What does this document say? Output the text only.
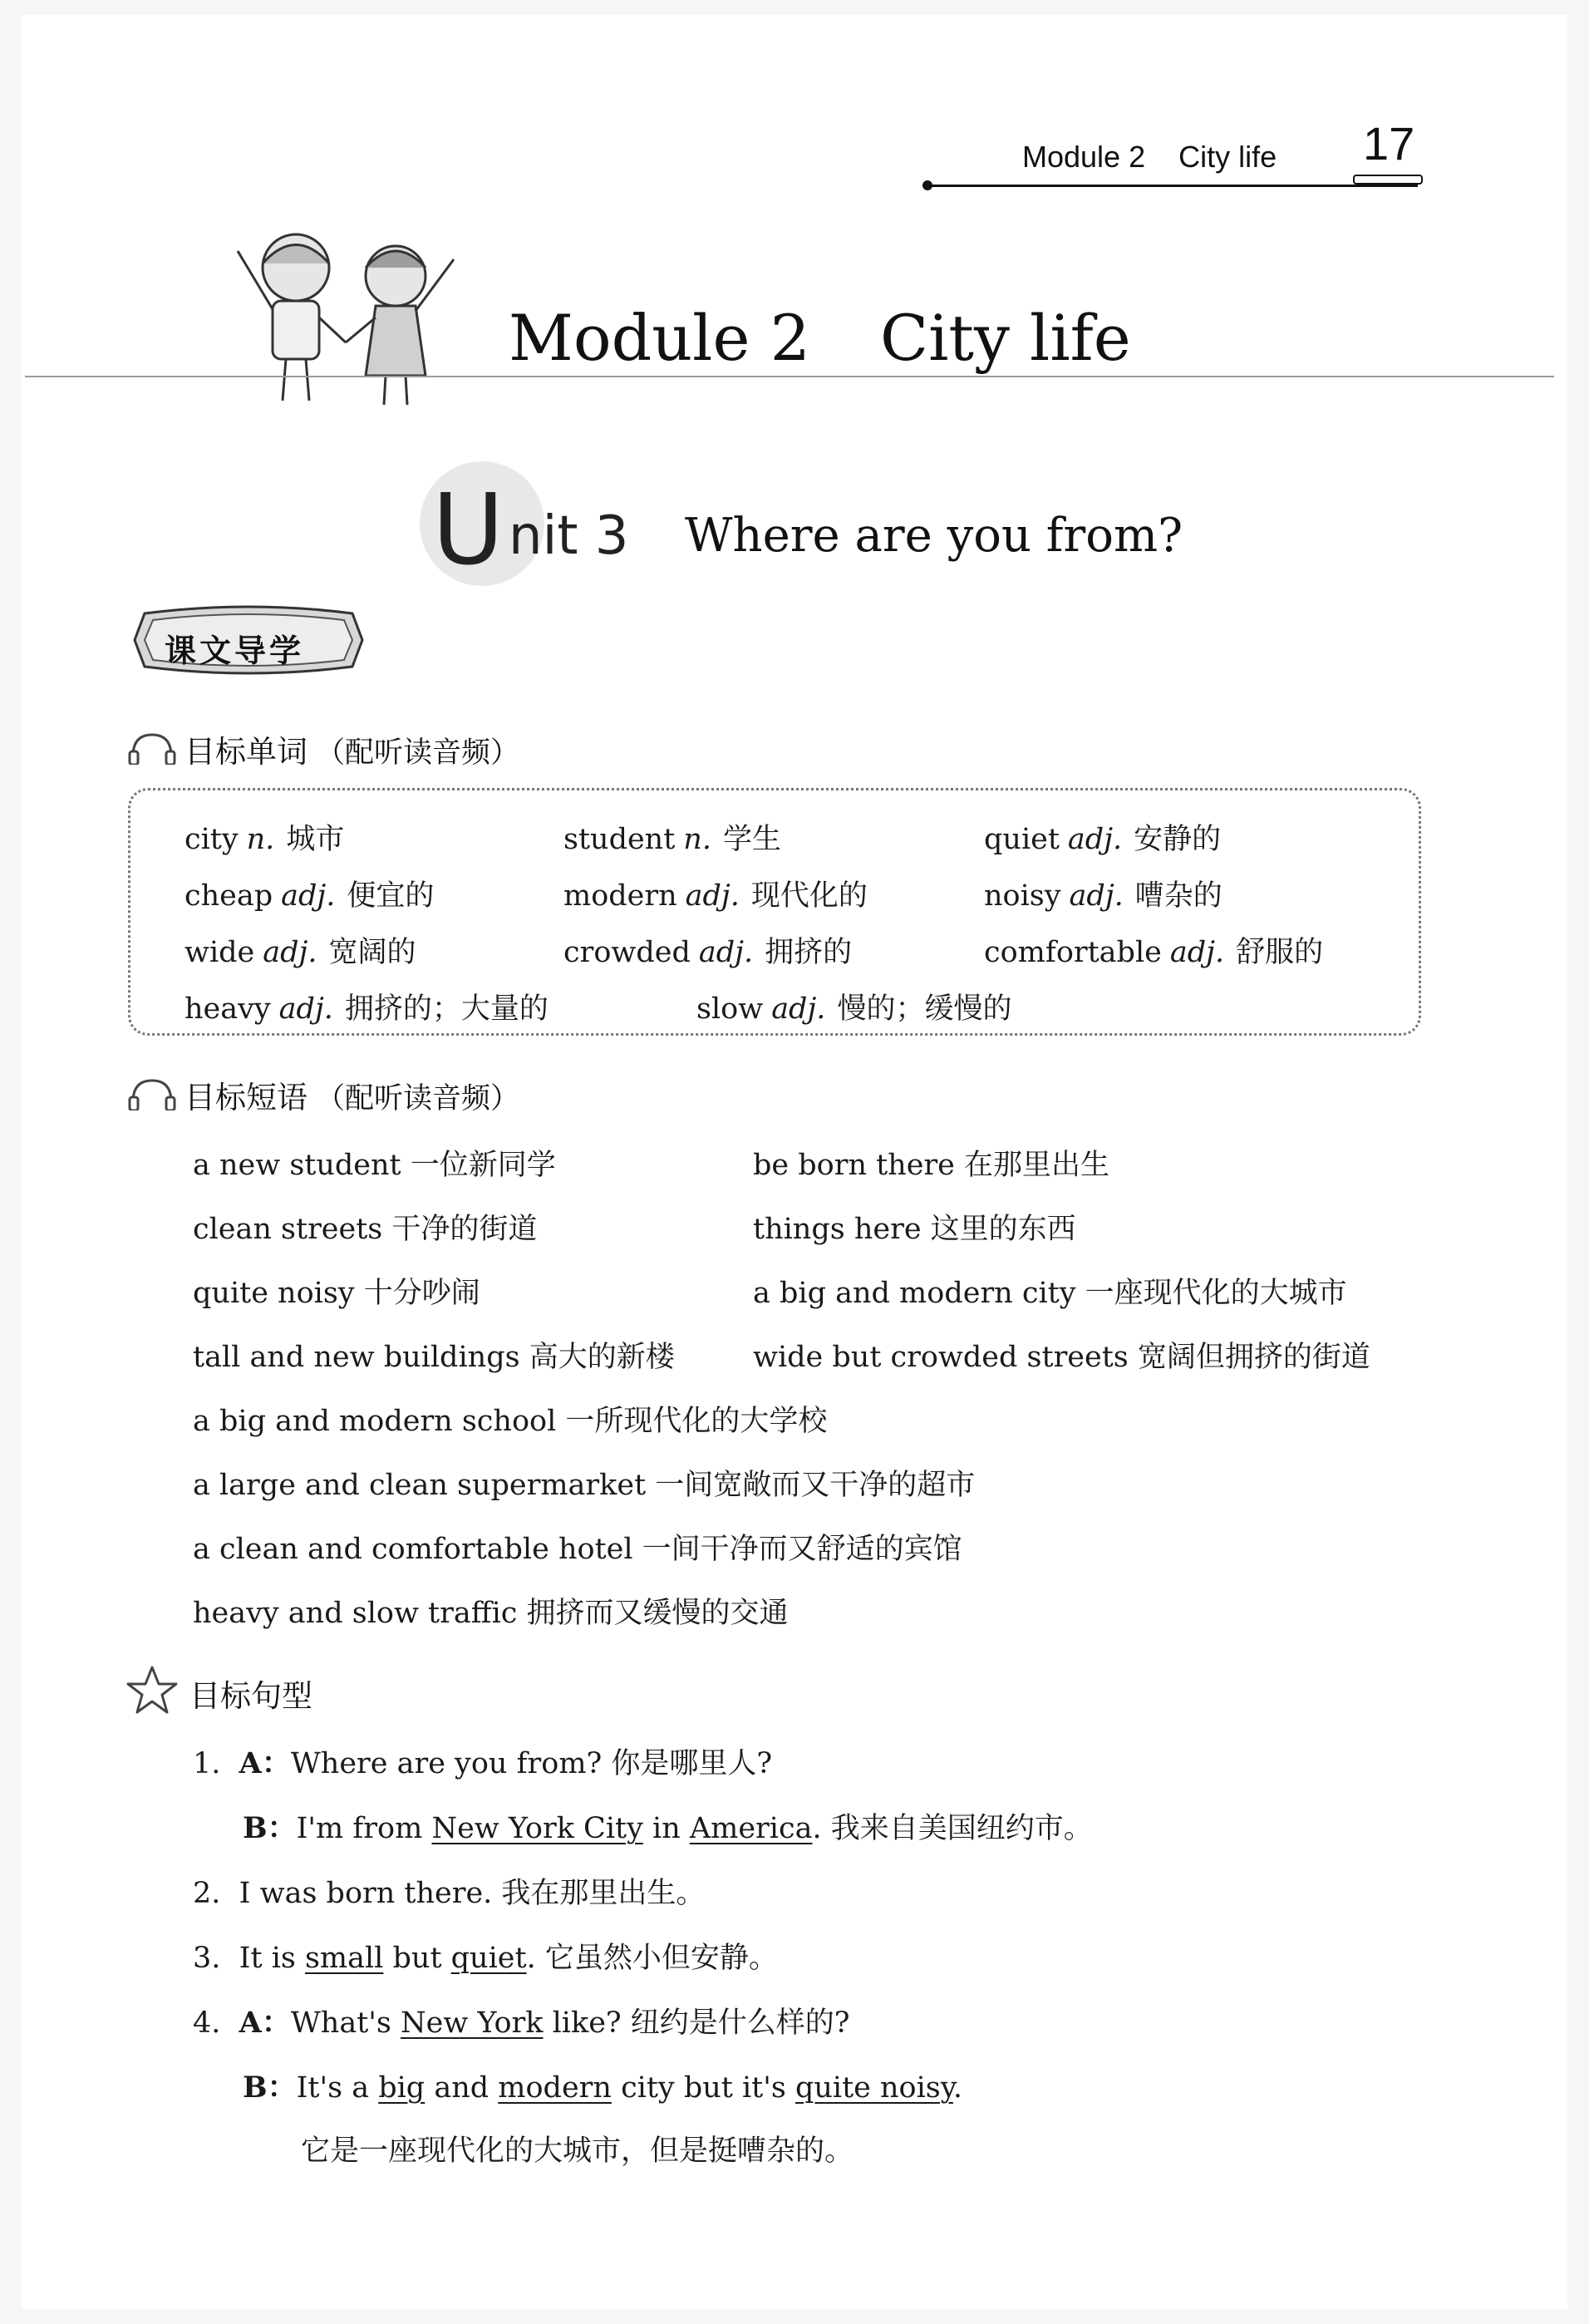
Module 2 City life 17
Module 2 City life
U nit 3 Where are you from?
课文导学
目标单词 （配听读音频）
city n. 城市	student n. 学生	quiet adj. 安静的
cheap adj. 便宜的	modern adj. 现代化的	noisy adj. 嘈杂的
wide adj. 宽阔的	crowded adj. 拥挤的	comfortable adj. 舒服的
heavy adj. 拥挤的；大量的	slow adj. 慢的；缓慢的
目标短语 （配听读音频）
a new student 一位新同学	be born there 在那里出生
clean streets 干净的街道	things here 这里的东西
quite noisy 十分吵闹	a big and modern city 一座现代化的大城市
tall and new buildings 高大的新楼	wide but crowded streets 宽阔但拥挤的街道
a big and modern school 一所现代化的大学校
a large and clean supermarket 一间宽敞而又干净的超市
a clean and comfortable hotel 一间干净而又舒适的宾馆
heavy and slow traffic 拥挤而又缓慢的交通
目标句型
1. A：Where are you from? 你是哪里人?
B：I'm from New York City in America. 我来自美国纽约市。
2. I was born there. 我在那里出生。
3. It is small but quiet. 它虽然小但安静。
4. A：What's New York like? 纽约是什么样的?
B：It's a big and modern city but it's quite noisy.
它是一座现代化的大城市，但是挺嘈杂的。
